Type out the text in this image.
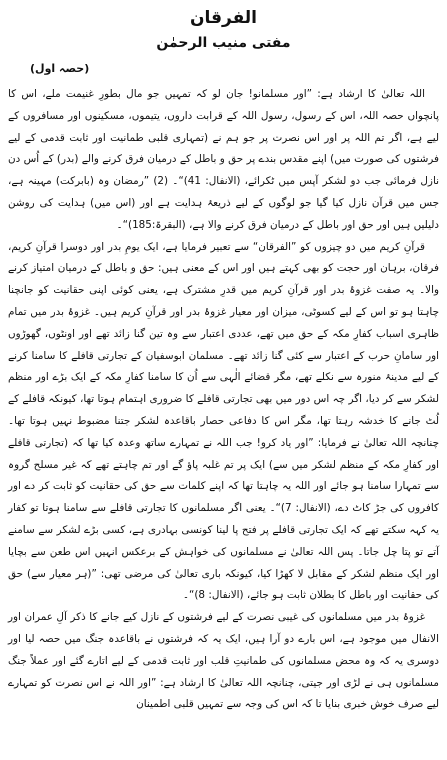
الفرقان
مفتی منیب الرحمٰن
(حصہ اول)

اللہ تعالیٰ کا ارشاد ہے: ”اور مسلمانو! جان لو کہ تمہیں جو مال بطورِ غنیمت ملے، اس کا پانچواں حصہ اللہ، اس کے رسول، رسول اللہ کے قرابت داروں، یتیموں، مسکینوں اور مسافروں کے لیے ہے، اگر تم اللہ پر اور اس نصرت پر جو ہم نے (تمہاری قلبی طمانیت اور ثابت قدمی کے لیے فرشتوں کی صورت میں) اپنے مقدس بندے پر حق و باطل کے درمیان فرق کرنے والے (بدر) کے اُس دن نازل فرمائی جب دو لشکر آپس میں ٹکرائے، (الانفال: 41)“۔ (2) ”رمضان وہ (بابرکت) مہینہ ہے، جس میں قرآن نازل کیا گیا جو لوگوں کے لیے ذریعۂ ہدایت ہے اور (اس میں) ہدایت کی روشن دلیلیں ہیں اور حق اور باطل کے درمیان فرق کرنے والا ہے، (البقرۃ:185)“۔

قرآنِ کریم میں دو چیزوں کو ”الفرقان“ سے تعبیر فرمایا ہے، ایک یومِ بدر اور دوسرا قرآنِ کریم، فرقان، برہان اور حجت کو بھی کہتے ہیں اور اس کے معنی ہیں: حق و باطل کے درمیان امتیاز کرنے والا۔ یہ صفت غزوۂ بدر اور قرآنِ کریم میں قدرِ مشترک ہے، یعنی کوئی اپنی حقانیت کو جانچنا چاہتا ہو تو اس کے لیے کسوٹی، میزان اور معیار غزوۂ بدر اور قرآنِ کریم ہیں۔ غزوۂ بدر میں تمام ظاہری اسباب کفارِ مکہ کے حق میں تھے، عددی اعتبار سے وہ تین گنا زائد تھے اور اونٹوں، گھوڑوں اور سامانِ حرب کے اعتبار سے کئی گنا زائد تھے۔ مسلمان ابوسفیان کے تجارتی قافلے کا سامنا کرنے کے لیے مدینۂ منورہ سے نکلے تھے، مگر قضائے الٰہی سے اُن کا سامنا کفارِ مکہ کے ایک بڑے اور منظم لشکر سے کر دیا، اگر چہ اس دور میں بھی تجارتی قافلے کا ضروری اہتمام ہوتا تھا، کیونکہ قافلے کے لُٹ جانے کا خدشہ رہتا تھا، مگر اس کا دفاعی حصار باقاعدہ لشکر جتنا مضبوط نہیں ہوتا تھا۔ چنانچہ اللہ تعالیٰ نے فرمایا: ”اور یاد کرو! جب اللہ نے تمہارے ساتھ وعدہ کیا تھا کہ (تجارتی قافلے اور کفارِ مکہ کے منظم لشکر میں سے) ایک پر تم غلبہ پاؤ گے اور تم چاہتے تھے کہ غیر مسلح گروہ سے تمہارا سامنا ہو جائے اور اللہ یہ چاہتا تھا کہ اپنے کلمات سے حق کی حقانیت کو ثابت کر دے اور کافروں کی جڑ کاٹ دے، (الانفال: 7)“۔ یعنی اگر مسلمانوں کا تجارتی قافلے سے سامنا ہوتا تو کفار یہ کہہ سکتے تھے کہ ایک تجارتی قافلے پر فتح پا لینا کونسی بہادری ہے، کسی بڑے لشکر سے سامنے آتے تو پتا چل جاتا۔ پس اللہ تعالیٰ نے مسلمانوں کی خواہش کے برعکس انہیں اس طعن سے بچایا اور ایک منظم لشکر کے مقابل لا کھڑا کیا، کیونکہ باری تعالیٰ کی مرضی تھی: ”(ہر معیار سے) حق کی حقانیت اور باطل کا بطلان ثابت ہو جائے، (الانفال: 8)“۔

غزوۂ بدر میں مسلمانوں کی غیبی نصرت کے لیے فرشتوں کے نازل کیے جانے کا ذکر آلِ عمران اور الانفال میں موجود ہے، اس بارے دو آرا ہیں، ایک یہ کہ فرشتوں نے باقاعدہ جنگ میں حصہ لیا اور دوسری یہ کہ وہ محض مسلمانوں کی طمانیتِ قلب اور ثابت قدمی کے لیے اتارے گئے اور عملاً جنگ مسلمانوں ہی نے لڑی اور جیتی، چنانچہ اللہ تعالیٰ کا ارشاد ہے: ”اور اللہ نے اس نصرت کو تمہارے لیے صرف خوش خبری بنایا تا کہ اس کی وجہ سے تمہیں قلبی اطمینان
